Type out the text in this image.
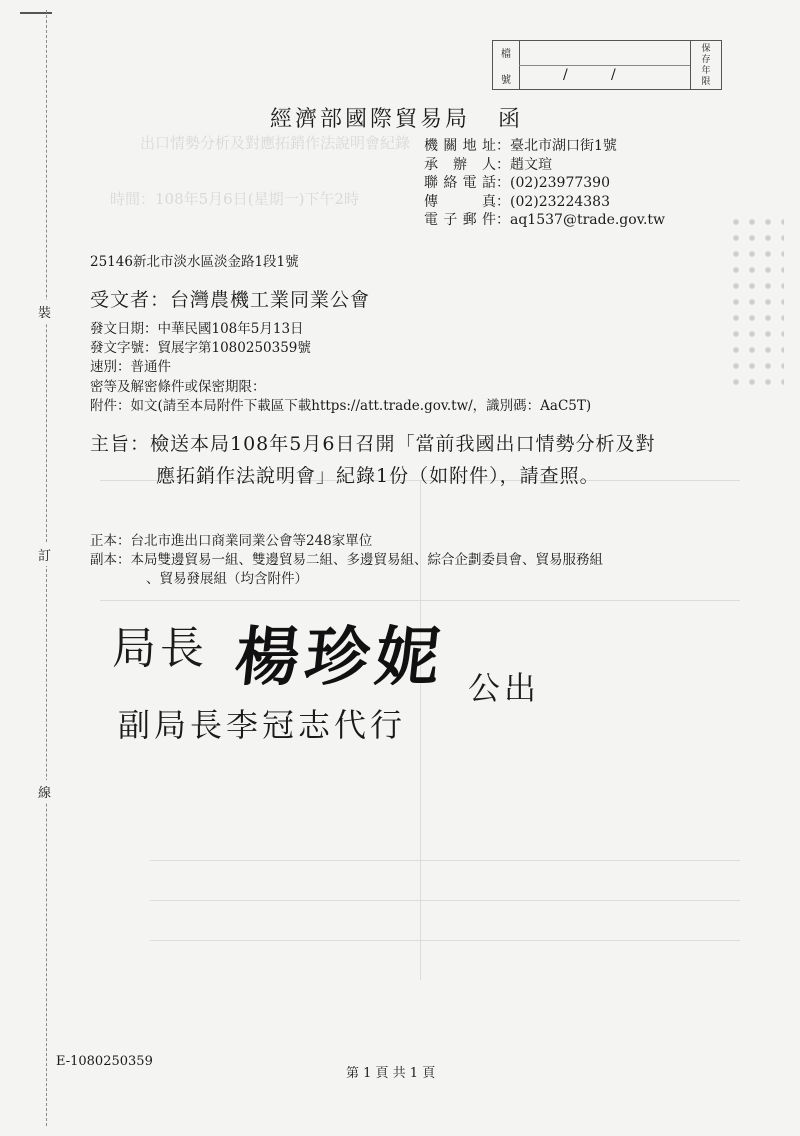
出口情勢分析及對應拓銷作法說明會紀錄
時間：108年5月6日(星期一)下午2時
裝
訂
線
檔
號	/	/
保存年限
經濟部國際貿易局 函
機關地址：臺北市湖口街1號
承辦人：趙文瑄
聯絡電話：(02)23977390
傳真：(02)23224383
電子郵件：aq1537@trade.gov.tw
25146新北市淡水區淡金路1段1號
受文者：台灣農機工業同業公會
發文日期：中華民國108年5月13日
發文字號：貿展字第1080250359號
速別：普通件
密等及解密條件或保密期限：
附件：如文(請至本局附件下載區下載https://att.trade.gov.tw/，識別碼：AaC5T)
主旨：檢送本局108年5月6日召開「當前我國出口情勢分析及對
應拓銷作法說明會」紀錄1份（如附件），請查照。
正本：台北市進出口商業同業公會等248家單位
副本：本局雙邊貿易一組、雙邊貿易二組、多邊貿易組、綜合企劃委員會、貿易服務組
、貿易發展組（均含附件）
局長 楊珍妮 公出
副局長李冠志代行
E-1080250359
第 1 頁 共 1 頁
